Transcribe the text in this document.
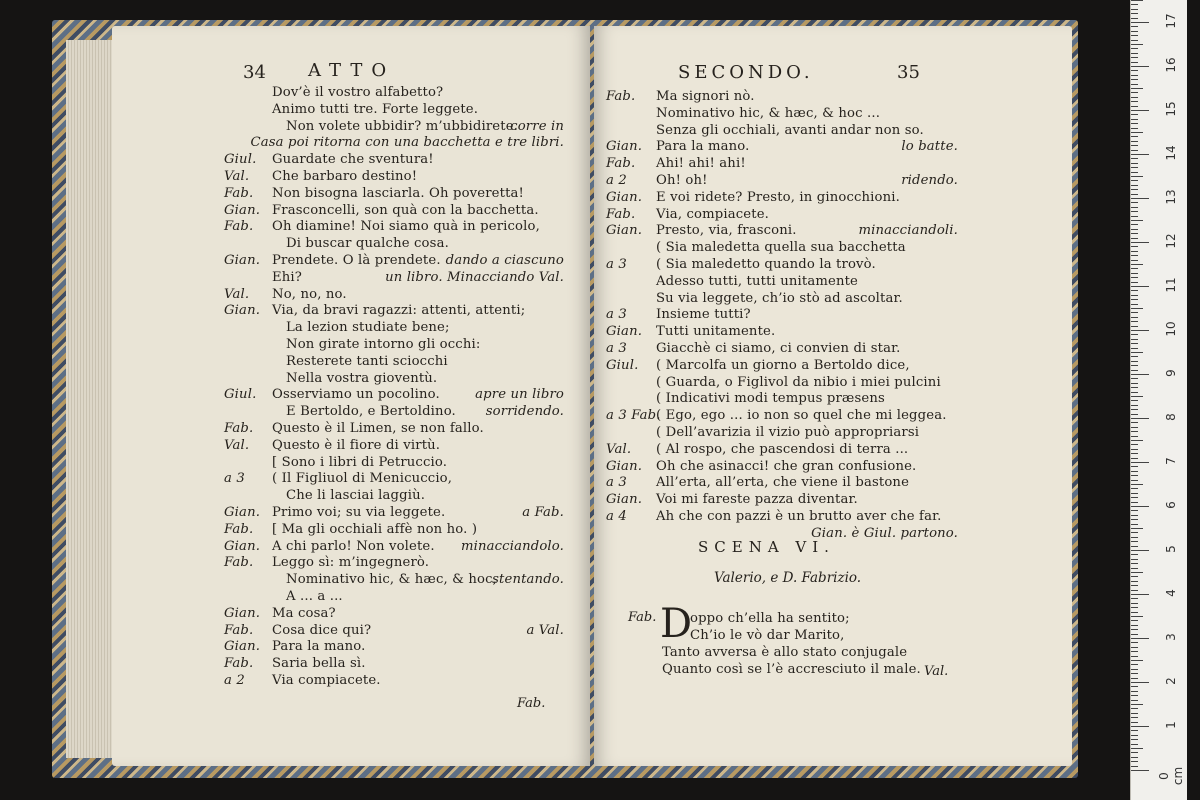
34 ATTO
Dov’è il vostro alfabetto?
Animo tutti tre. Forte leggete.
Non volete ubbidir? m’ubbidirete.
corre in
Casa poi ritorna con una bacchetta e tre libri.
Giul. Guardate che sventura!
Val. Che barbaro destino!
Fab. Non bisogna lasciarla. Oh poveretta!
Gian. Frasconcelli, son quà con la bacchetta.
Fab. Oh diamine! Noi siamo quà in pericolo,
Di buscar qualche cosa.
Gian. Prendete. O là prendete. dando a ciascuno
Ehi?	un libro. Minacciando Val.
Val. No, no, no.
Gian. Via, da bravi ragazzi: attenti, attenti;
La lezion studiate bene;
Non girate intorno gli occhi:
Resterete tanti sciocchi
Nella vostra gioventù.
Giul. Osserviamo un pocolino.	apre un libro
E Bertoldo, e Bertoldino. sorridendo.
Fab. Questo è il Limen, se non fallo.
Val. Questo è il fiore di virtù.
[ Sono i libri di Petruccio.
a 3 ( Il Figliuol di Menicuccio,
Che li lasciai laggiù.
Gian. Primo voi; su via leggete.	a Fab.
Fab. [ Ma gli occhiali affè non ho. )
Gian. A chi parlo! Non volete. minacciandolo.
Fab. Leggo sì: m’ingegnerò.
Nominativo hic, & hæc, & hoc,
stentando.
A ... a ...
Gian. Ma cosa?
Fab. Cosa dice qui?	a Val.
Gian. Para la mano.
Fab. Saria bella sì.
a 2 Via compiacete.
Fab.
SECONDO.	35
Fab. Ma signori nò.
Nominativo hic, & hæc, & hoc ...
Senza gli occhiali, avanti andar non so.
Gian. Para la mano.	lo batte.
Fab. Ahi! ahi! ahi!
a 2 Oh! oh!	ridendo.
Gian. E voi ridete? Presto, in ginocchioni.
Fab. Via, compiacete.
Gian. Presto, via, frasconi.	minacciandoli.
( Sia maledetta quella sua bacchetta
a 3 ( Sia maledetto quando la trovò.
Adesso tutti, tutti unitamente
Su via leggete, ch’io stò ad ascoltar.
a 3 Insieme tutti?
Gian. Tutti unitamente.
a 3 Giacchè ci siamo, ci convien di star.
Giul. ( Marcolfa un giorno a Bertoldo dice,
( Guarda, o Figlivol da nibio i miei pulcini
( Indicativi modi tempus præsens
a 3 Fab.
( Ego, ego ... io non so quel che mi leggea.
( Dell’avarizia il vizio può appropriarsi
Val. ( Al rospo, che pascendosi di terra ...
Gian. Oh che asinacci! che gran confusione.
a 3 All’erta, all’erta, che viene il bastone
Gian. Voi mi fareste pazza diventar.
a 4 Ah che con pazzi è un brutto aver che far.
Gian. è Giul. partono.
SCENA VI.
Valerio, e D. Fabrizio.
Fab. D
oppo ch’ella ha sentito;
Ch’io le vò dar Marito,
Tanto avversa è allo stato conjugale
Quanto così se l’è accresciuto il male. Val.
0 cm
1
2
3
4
5
6
7
8
9
10
11
12
13
14
15
16
17
